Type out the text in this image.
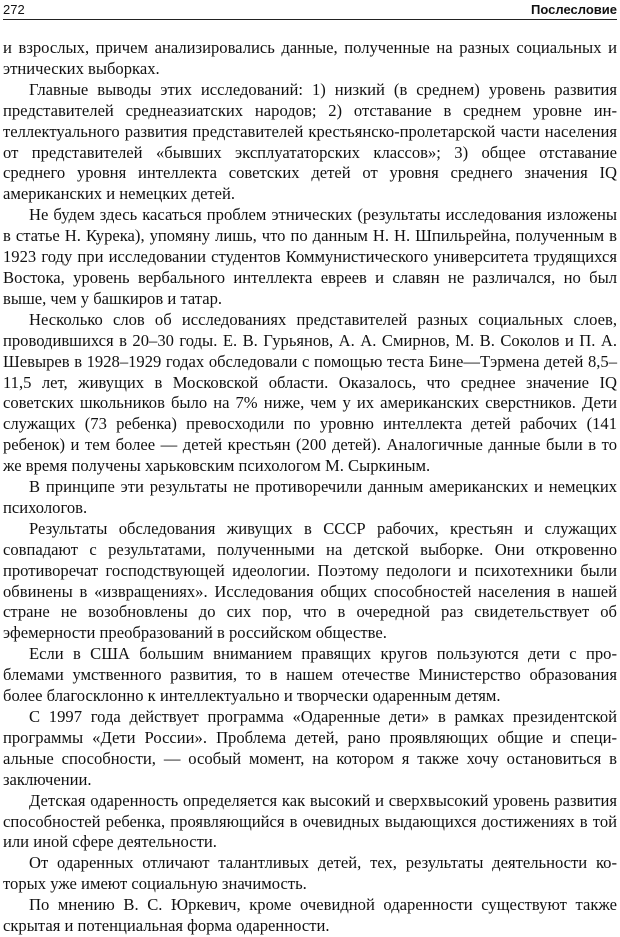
272	Послесловие

и взрослых, причем анализировались данные, полученные на разных социальных и этнических выборках.

Главные выводы этих исследований: 1) низкий (в среднем) уровень развития представителей среднеазиатских народов; 2) отставание в среднем уровне интеллектуального развития представителей крестьянско-пролетарской части населения от представителей «бывших эксплуататорских классов»; 3) общее отставание среднего уровня интеллекта советских детей от уровня среднего значения IQ американских и немецких детей.

Не будем здесь касаться проблем этнических (результаты исследования изложены в статье Н. Курека), упомяну лишь, что по данным Н. Н. Шпильрейна, полученным в 1923 году при исследовании студентов Коммунистического университета трудящихся Востока, уровень вербального интеллекта евреев и славян не различался, но был выше, чем у башкиров и татар.

Несколько слов об исследованиях представителей разных социальных слоев, проводившихся в 20–30 годы. Е. В. Гурьянов, А. А. Смирнов, М. В. Соколов и П. А. Шевырев в 1928–1929 годах обследовали с помощью теста Бине—Тэрмена детей 8,5–11,5 лет, живущих в Московской области. Оказалось, что среднее значение IQ советских школьников было на 7% ниже, чем у их американских сверстников. Дети служащих (73 ребенка) превосходили по уровню интеллекта детей рабочих (141 ребенок) и тем более — детей крестьян (200 детей). Аналогичные данные были в то же время получены харьковским психологом М. Сыркиным.

В принципе эти результаты не противоречили данным американских и немецких психологов.

Результаты обследования живущих в СССР рабочих, крестьян и служащих совпадают с результатами, полученными на детской выборке. Они откровенно противоречат господствующей идеологии. Поэтому педологи и психотехники были обвинены в «извращениях». Исследования общих способностей населения в нашей стране не возобновлены до сих пор, что в очередной раз свидетельствует об эфемерности преобразований в российском обществе.

Если в США большим вниманием правящих кругов пользуются дети с проблемами умственного развития, то в нашем отечестве Министерство образования более благосклонно к интеллектуально и творчески одаренным детям.

С 1997 года действует программа «Одаренные дети» в рамках президентской программы «Дети России». Проблема детей, рано проявляющих общие и специальные способности, — особый момент, на котором я также хочу остановиться в заключении.

Детская одаренность определяется как высокий и сверхвысокий уровень развития способностей ребенка, проявляющийся в очевидных выдающихся достижениях в той или иной сфере деятельности.

От одаренных отличают талантливых детей, тех, результаты деятельности которых уже имеют социальную значимость.

По мнению В. С. Юркевич, кроме очевидной одаренности существуют также скрытая и потенциальная форма одаренности.
